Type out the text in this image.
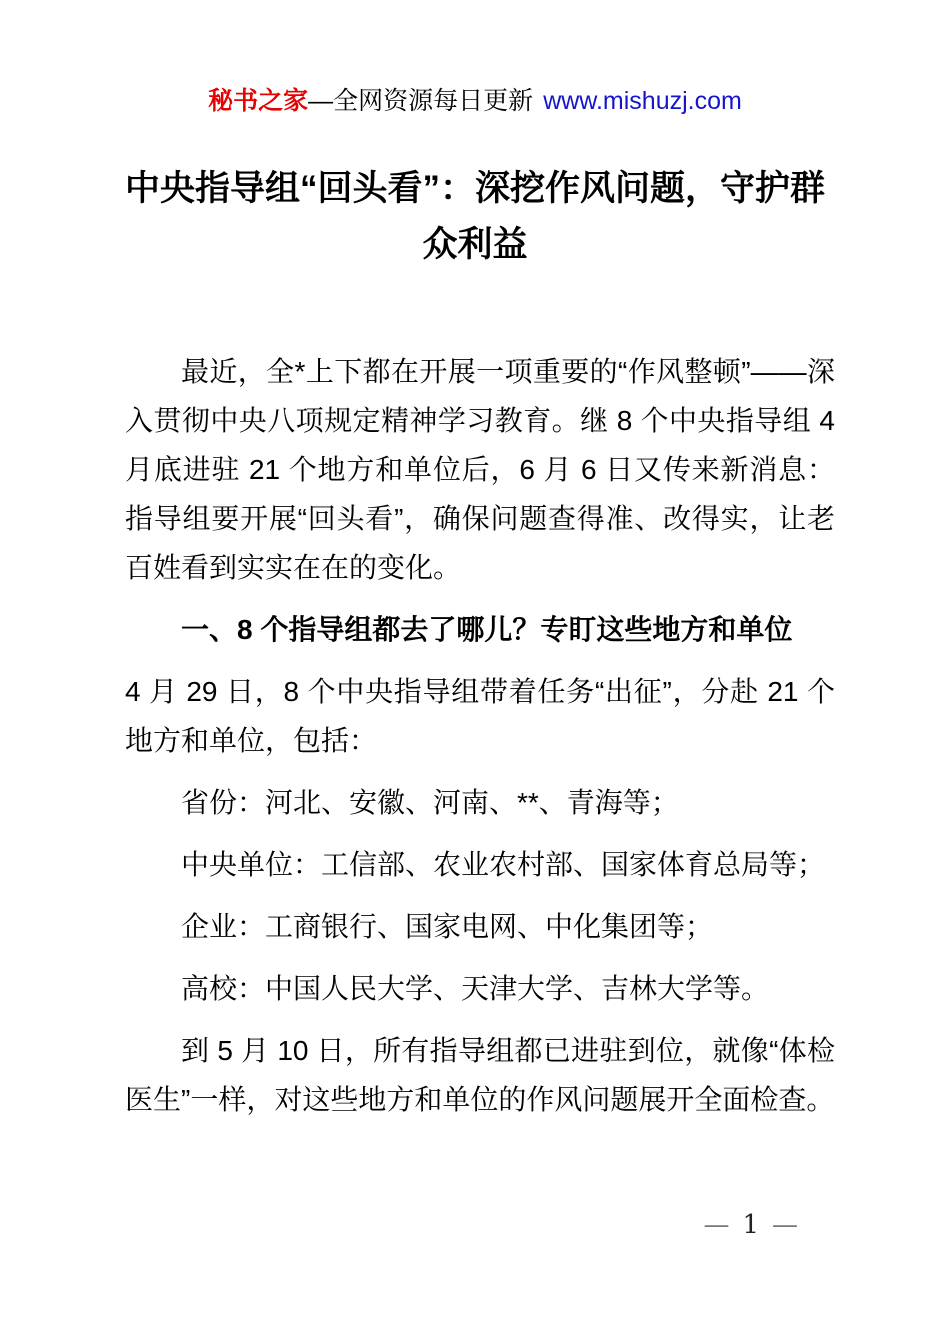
秘书之家—全网资源每日更新 www.mishuzj.com
中央指导组“回头看”：深挖作风问题，守护群众利益

最近，全*上下都在开展一项重要的“作风整顿”——深入贯彻中央八项规定精神学习教育。继 8 个中央指导组 4 月底进驻 21 个地方和单位后，6 月 6 日又传来新消息：指导组要开展“回头看”，确保问题查得准、改得实，让老百姓看到实实在在的变化。

一、8 个指导组都去了哪儿？专盯这些地方和单位

4 月 29 日，8 个中央指导组带着任务“出征”，分赴 21 个地方和单位，包括：

省份：河北、安徽、河南、**、青海等；

中央单位：工信部、农业农村部、国家体育总局等；

企业：工商银行、国家电网、中化集团等；

高校：中国人民大学、天津大学、吉林大学等。

到 5 月 10 日，所有指导组都已进驻到位，就像“体检医生”一样，对这些地方和单位的作风问题展开全面检查。

— 1 —
